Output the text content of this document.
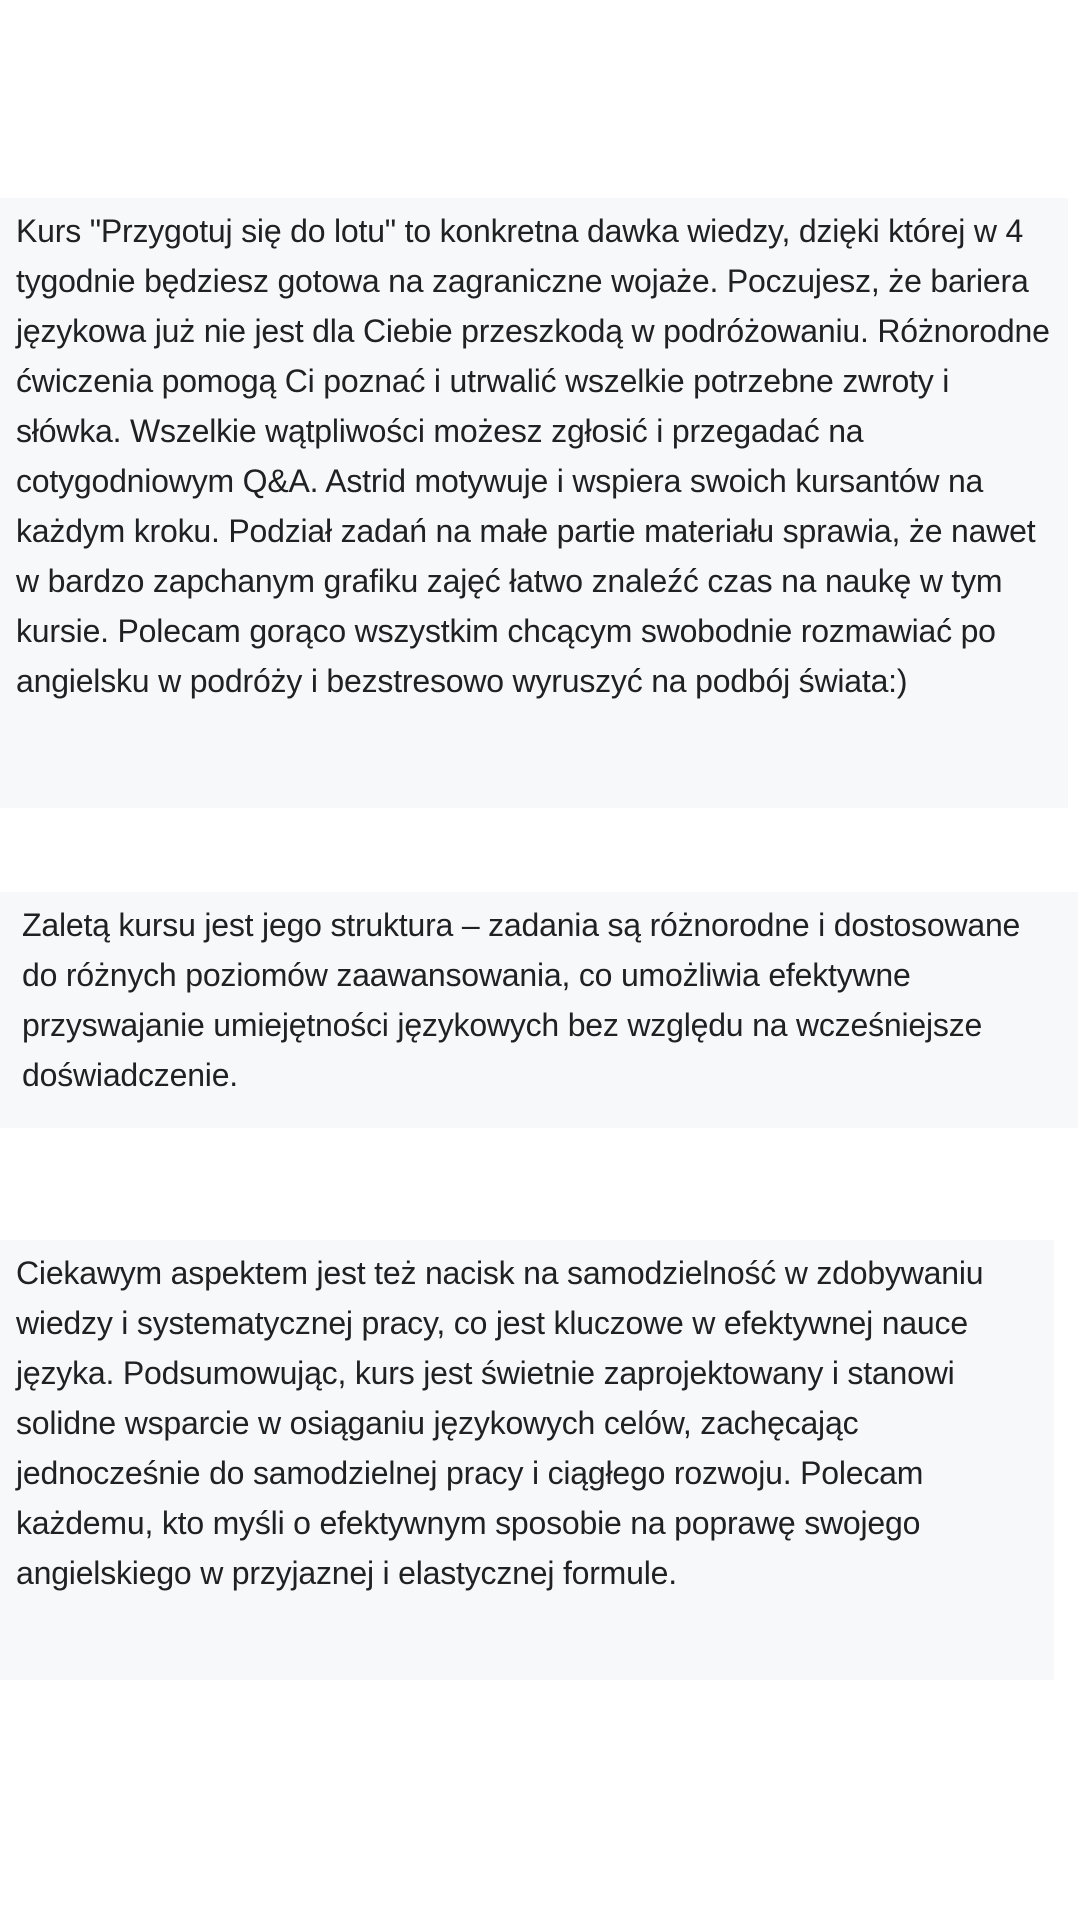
Kurs "Przygotuj się do lotu" to konkretna dawka wiedzy, dzięki której w 4 tygodnie będziesz gotowa na zagraniczne wojaże. Poczujesz, że bariera językowa już nie jest dla Ciebie przeszkodą w podróżowaniu. Różnorodne ćwiczenia pomogą Ci poznać i utrwalić wszelkie potrzebne zwroty i słówka. Wszelkie wątpliwości możesz zgłosić i przegadać na cotygodniowym Q&A. Astrid motywuje i wspiera swoich kursantów na każdym kroku. Podział zadań na małe partie materiału sprawia, że nawet w bardzo zapchanym grafiku zajęć łatwo znaleźć czas na naukę w tym kursie. Polecam gorąco wszystkim chcącym swobodnie rozmawiać po angielsku w podróży i bezstresowo wyruszyć na podbój świata:)

Zaletą kursu jest jego struktura – zadania są różnorodne i dostosowane do różnych poziomów zaawansowania, co umożliwia efektywne przyswajanie umiejętności językowych bez względu na wcześniejsze doświadczenie.

Ciekawym aspektem jest też nacisk na samodzielność w zdobywaniu wiedzy i systematycznej pracy, co jest kluczowe w efektywnej nauce języka. Podsumowując, kurs jest świetnie zaprojektowany i stanowi solidne wsparcie w osiąganiu językowych celów, zachęcając jednocześnie do samodzielnej pracy i ciągłego rozwoju. Polecam każdemu, kto myśli o efektywnym sposobie na poprawę swojego angielskiego w przyjaznej i elastycznej formule.
